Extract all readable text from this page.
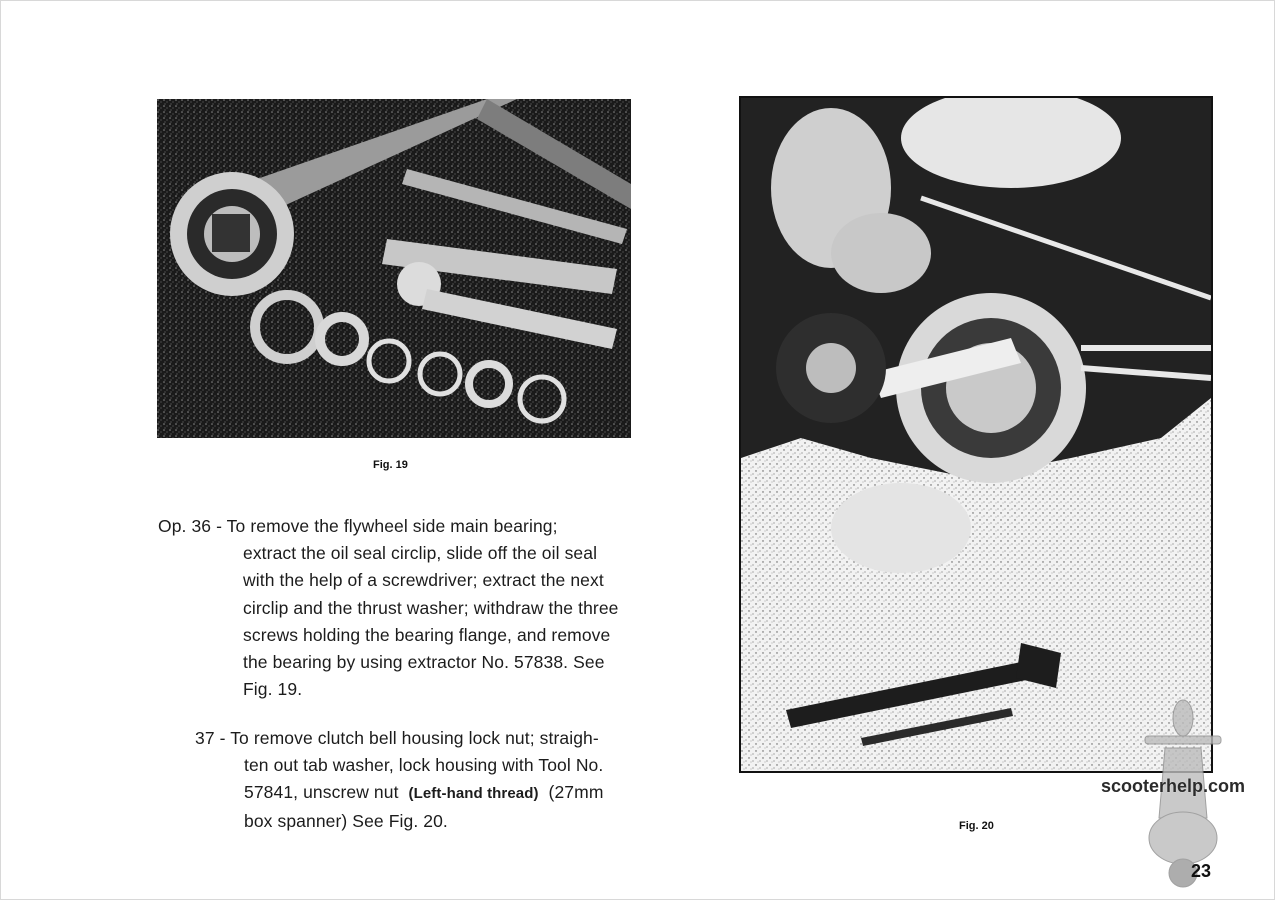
Fig. 19
Fig. 20
Op. 36 - To remove the flywheel side main bearing;
extract the oil seal circlip, slide off the oil seal
with the help of a screwdriver; extract the next
circlip and the thrust washer; withdraw the three
screws holding the bearing flange, and remove
the bearing by using extractor No. 57838. See
Fig. 19.
37 - To remove clutch bell housing lock nut; straigh-
ten out tab washer, lock housing with Tool No.
57841, unscrew nut (Left-hand thread) (27mm
box spanner) See Fig. 20.
scooterhelp.com
23
